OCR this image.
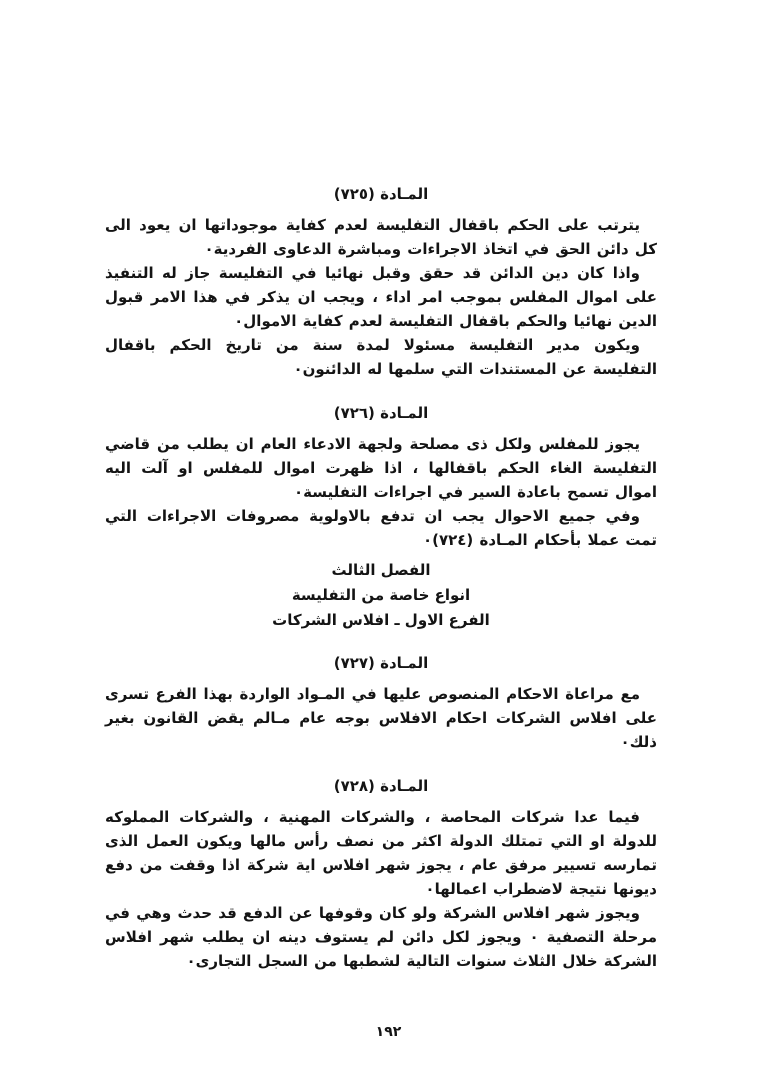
المـادة (٧٢٥)

يترتب على الحكم باقفال التفليسة لعدم كفاية موجوداتها ان يعود الى كل دائن الحق في اتخاذ الاجراءات ومباشرة الدعاوى الفردية٠

واذا كان دين الدائن قد حقق وقبل نهائيا في التفليسة جاز له التنفيذ على اموال المفلس بموجب امر اداء ، ويجب ان يذكر في هذا الامر قبول الدين نهائيا والحكم باقفال التفليسة لعدم كفاية الاموال٠

ويكون مدير التفليسة مسئولا لمدة سنة من تاريخ الحكم باقفال التفليسة عن المستندات التي سلمها له الدائنون٠

المـادة (٧٢٦)

يجوز للمفلس ولكل ذى مصلحة ولجهة الادعاء العام ان يطلب من قاضي التفليسة الغاء الحكم باقفالها ، اذا ظهرت اموال للمفلس او آلت اليه اموال تسمح باعادة السير في اجراءات التفليسة٠

وفي جميع الاحوال يجب ان تدفع بالاولوية مصروفات الاجراءات التي تمت عملا بأحكام المـادة (٧٢٤)٠

الفصل الثالث

انواع خاصة من التفليسة

الفرع الاول ـ افلاس الشركات

المـادة (٧٢٧)

مع مراعاة الاحكام المنصوص عليها في المـواد الواردة بهذا الفرع تسرى على افلاس الشركات احكام الافلاس بوجه عام مـالم يقض القانون بغير ذلك٠

المـادة (٧٢٨)

فيما عدا شركات المحاصة ، والشركات المهنية ، والشركات المملوكه للدولة او التي تمتلك الدولة اكثر من نصف رأس مالها ويكون العمل الذى تمارسه تسيير مرفق عام ، يجوز شهر افلاس اية شركة اذا وقفت من دفع ديونها نتيجة لاضطراب اعمالها٠

ويجوز شهر افلاس الشركة ولو كان وقوفها عن الدفع قد حدث وهي في مرحلة التصفية ٠ ويجوز لكل دائن لم يستوف دينه ان يطلب شهر افلاس الشركة خلال الثلاث سنوات التالية لشطبها من السجل التجارى٠

١٩٢
